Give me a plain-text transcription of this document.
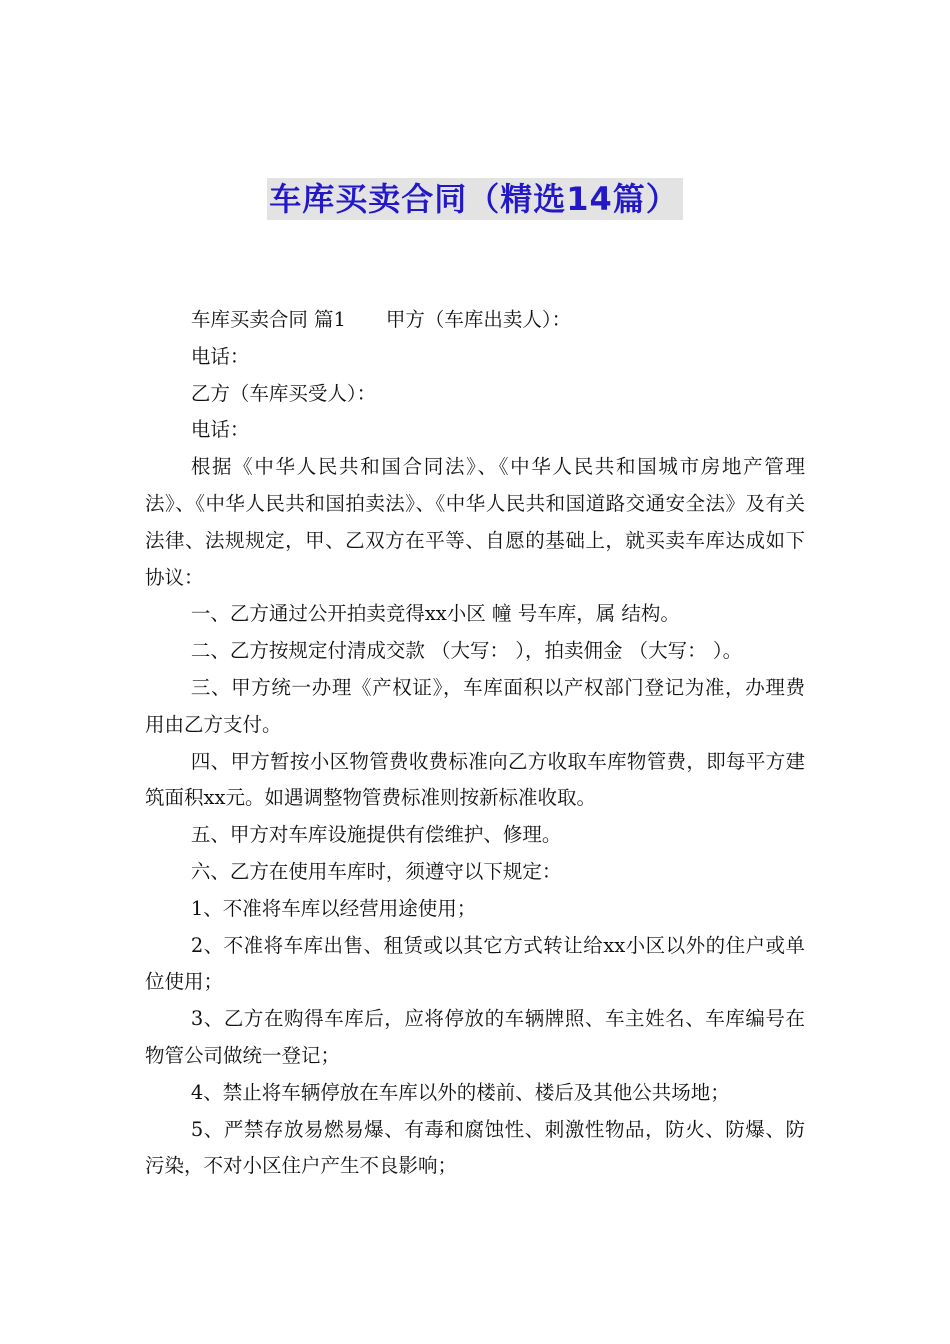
车库买卖合同（精选14篇）

车库买卖合同 篇1 甲方（车库出卖人）：

电话：

乙方（车库买受人）：

电话：

根据《中华人民共和国合同法》、《中华人民共和国城市房地产管理法》、《中华人民共和国拍卖法》、《中华人民共和国道路交通安全法》及有关法律、法规规定，甲、乙双方在平等、自愿的基础上，就买卖车库达成如下协议：

一、乙方通过公开拍卖竞得xx小区 幢 号车库，属 结构。

二、乙方按规定付清成交款 （大写： ），拍卖佣金 （大写： ）。

三、甲方统一办理《产权证》，车库面积以产权部门登记为准，办理费用由乙方支付。

四、甲方暂按小区物管费收费标准向乙方收取车库物管费，即每平方建筑面积xx元。如遇调整物管费标准则按新标准收取。

五、甲方对车库设施提供有偿维护、修理。

六、乙方在使用车库时，须遵守以下规定：

1、不准将车库以经营用途使用；

2、不准将车库出售、租赁或以其它方式转让给xx小区以外的住户或单位使用；

3、乙方在购得车库后，应将停放的车辆牌照、车主姓名、车库编号在物管公司做统一登记；

4、禁止将车辆停放在车库以外的楼前、楼后及其他公共场地；

5、严禁存放易燃易爆、有毒和腐蚀性、刺激性物品，防火、防爆、防污染，不对小区住户产生不良影响；
